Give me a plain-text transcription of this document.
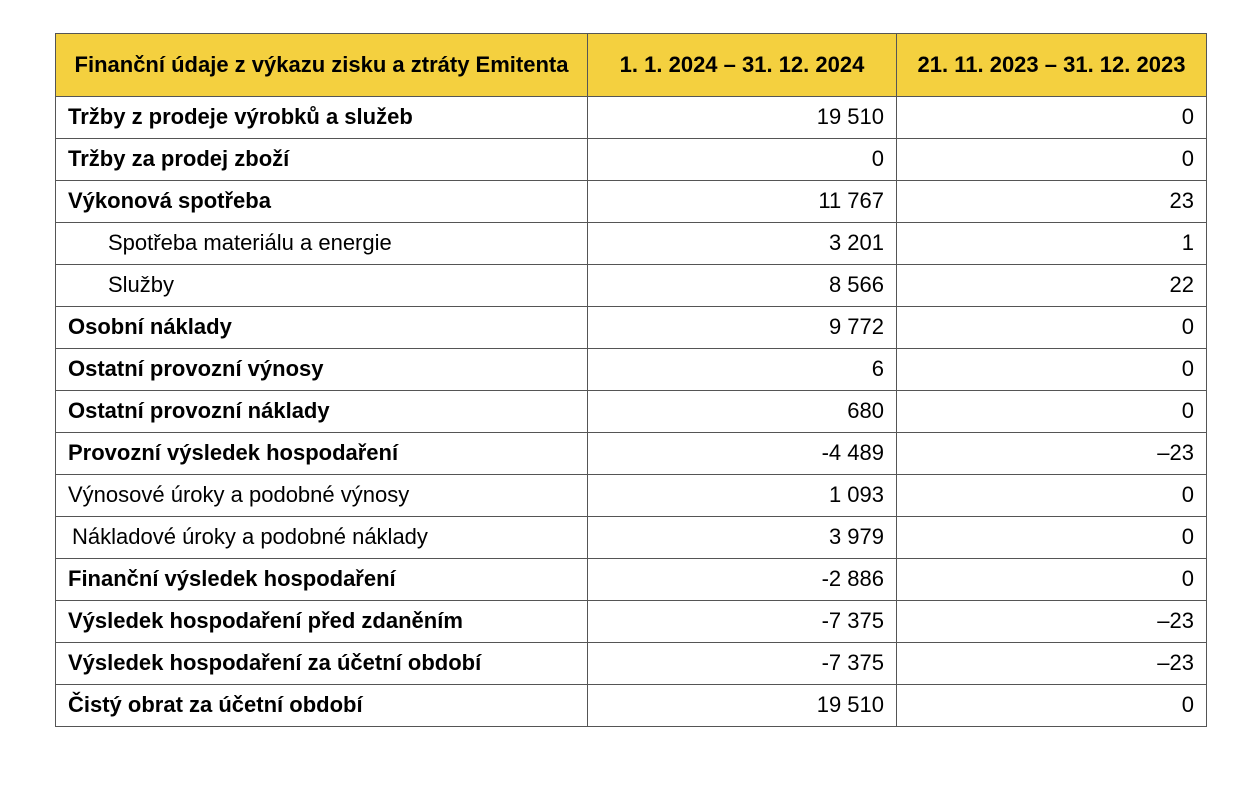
Finanční údaje z výkazu zisku a ztráty Emitenta	1. 1. 2024 – 31. 12. 2024	21. 11. 2023 – 31. 12. 2023
Tržby z prodeje výrobků a služeb	19 510	0
Tržby za prodej zboží	0	0
Výkonová spotřeba	11 767	23
Spotřeba materiálu a energie	3 201	1
Služby	8 566	22
Osobní náklady	9 772	0
Ostatní provozní výnosy	6	0
Ostatní provozní náklady	680	0
Provozní výsledek hospodaření	-4 489	–23
Výnosové úroky a podobné výnosy	1 093	0
Nákladové úroky a podobné náklady	3 979	0
Finanční výsledek hospodaření	-2 886	0
Výsledek hospodaření před zdaněním	-7 375	–23
Výsledek hospodaření za účetní období	-7 375	–23
Čistý obrat za účetní období	19 510	0
